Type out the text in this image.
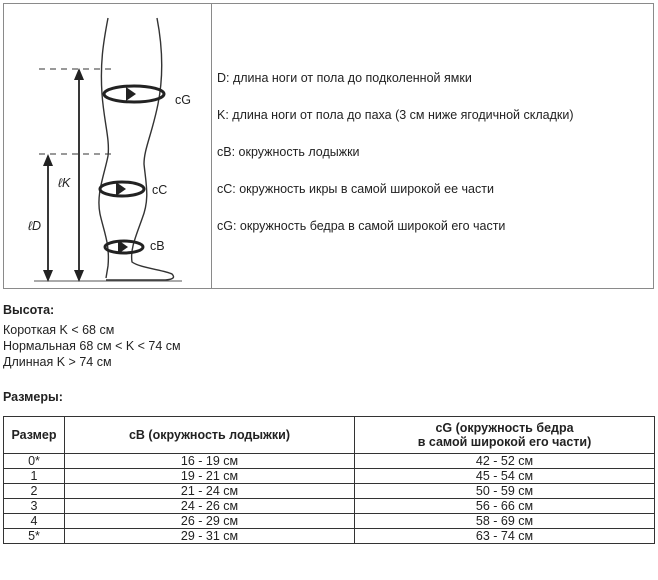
cG
cC
cB
ℓK
ℓD
D: длина ноги от пола до подколенной ямки
K: длина ноги от пола до паха (3 см ниже ягодичной складки)
cB: окружность лодыжки
cC: окружность икры в самой широкой ее части
cG: окружность бедра в самой широкой его части
Высота:
Короткая K < 68 см
Нормальная 68 см < K < 74 см
Длинная K > 74 см
Размеры:
Размер	cB (окружность лодыжки)	cG (окружность бедра
в самой широкой его части)

0*	16 - 19 см	42 - 52 см
1	19 - 21 см	45 - 54 см
2	21 - 24 см	50 - 59 см
3	24 - 26 см	56 - 66 см
4	26 - 29 см	58 - 69 см
5*	29 - 31 см	63 - 74 см
